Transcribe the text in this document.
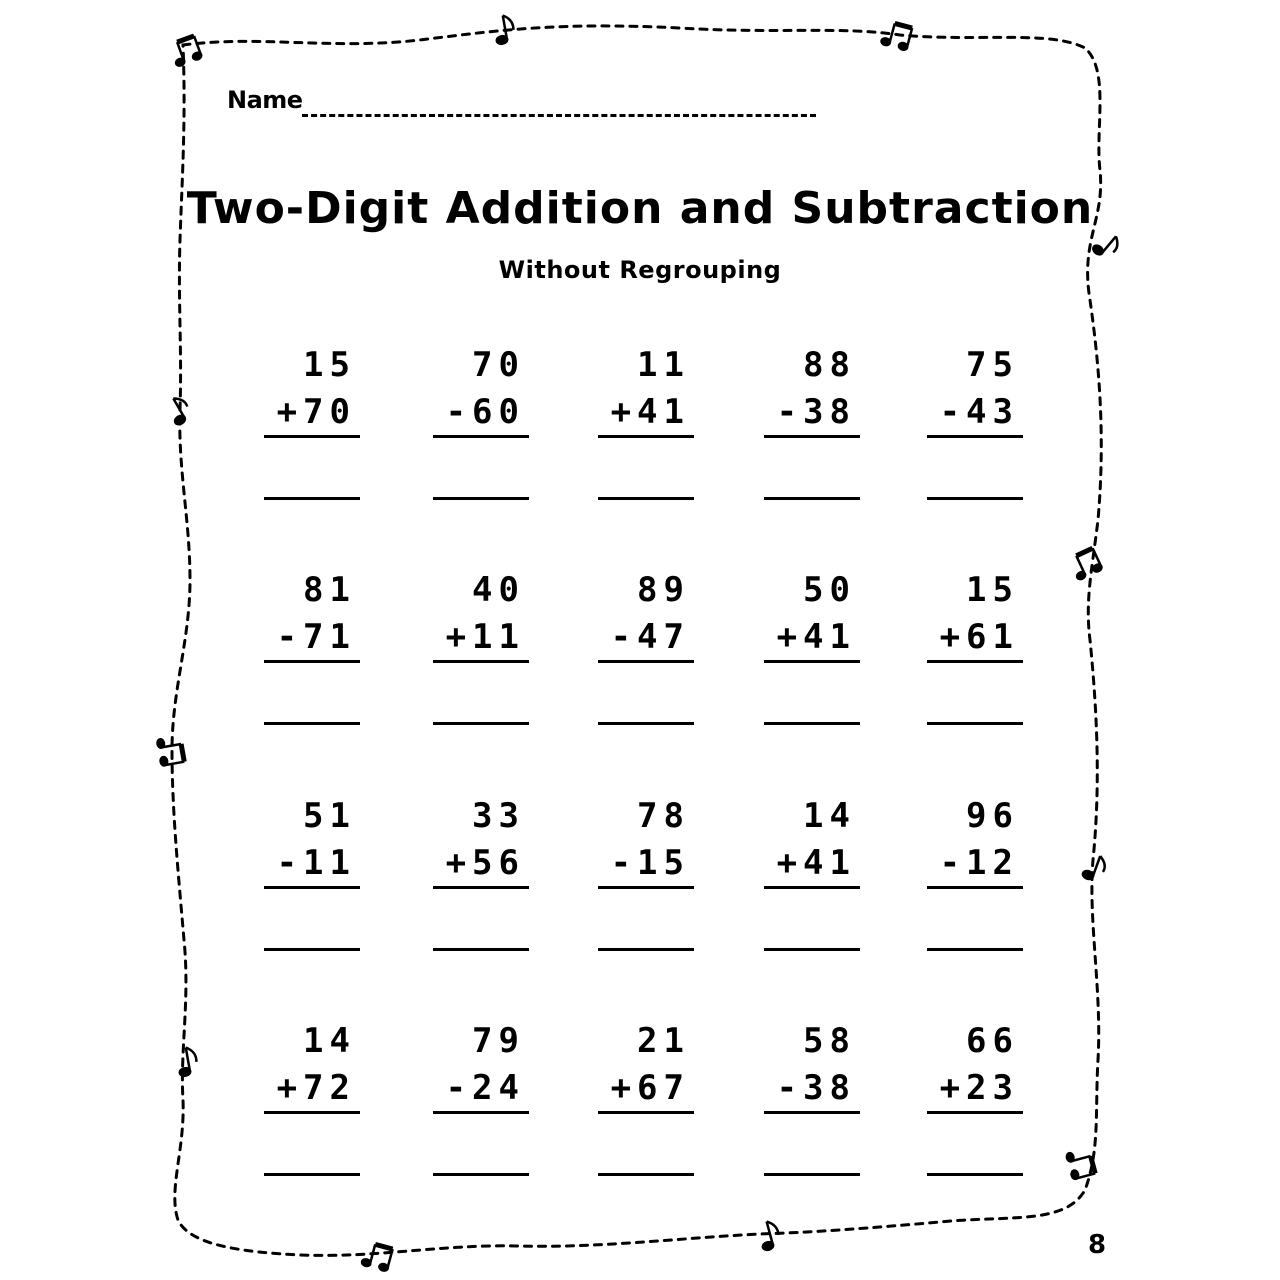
Name
Two-Digit Addition and Subtraction
Without Regrouping
15
+70
70
-60
11
+41
88
-38
75
-43
81
-71
40
+11
89
-47
50
+41
15
+61
51
-11
33
+56
78
-15
14
+41
96
-12
14
+72
79
-24
21
+67
58
-38
66
+23
8
